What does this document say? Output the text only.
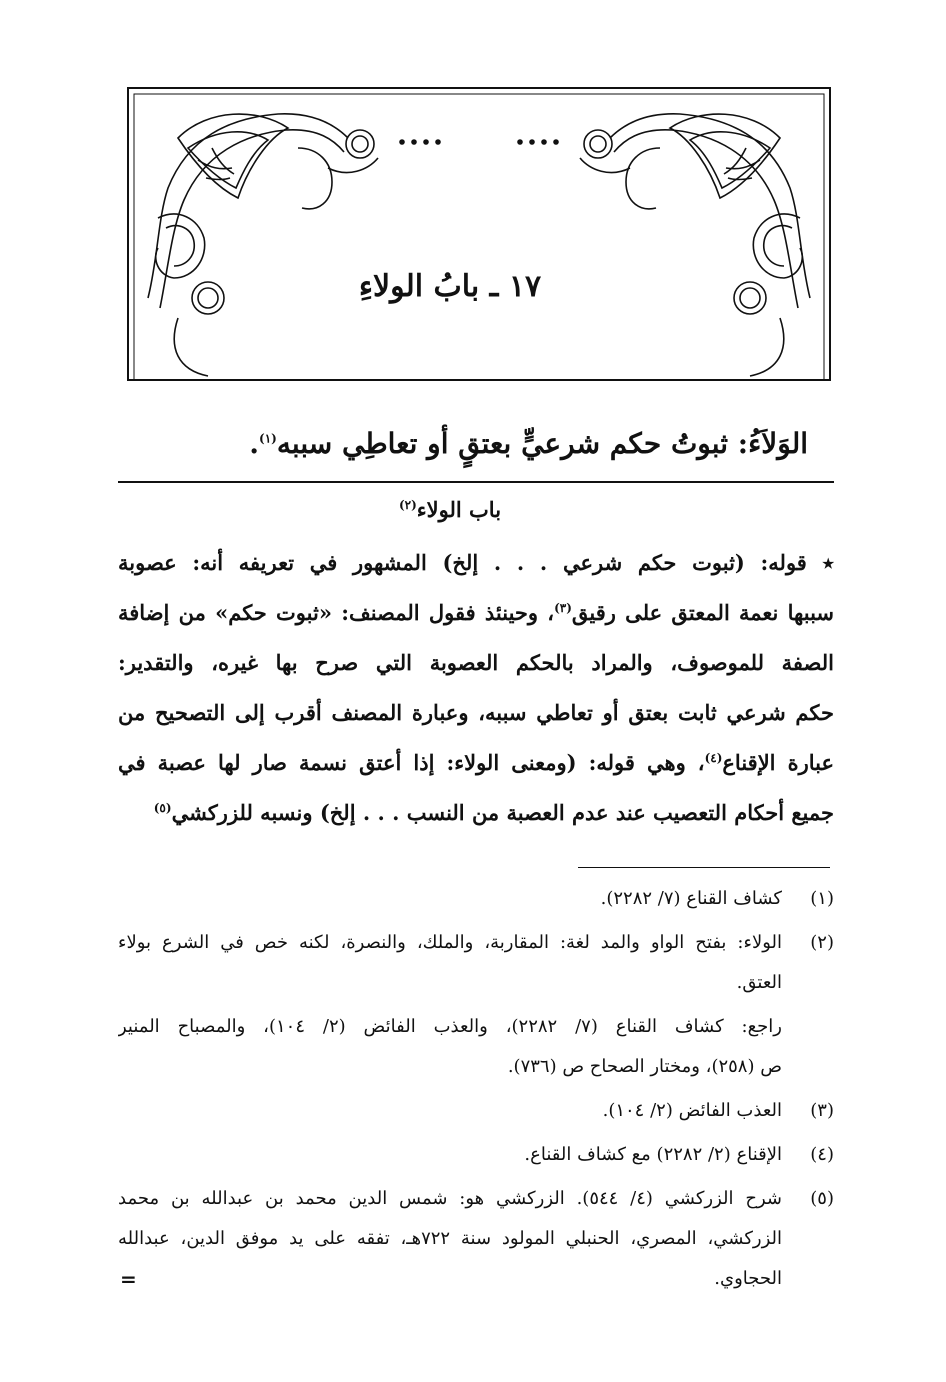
١٧ ـ بابُ الولاءِ
الوَلاَءُ: ثبوتُ حكم شرعيٍّ بعتقٍ أو تعاطِي سببه$^{(١)}$.
باب الولاء$^{(٢)}$
٭ قوله: (ثبوت حكم شرعي . . . إلخ) المشهور في تعريفه أنه: عصوبة
سببها نعمة المعتق على رقيق$^{(٣)}$، وحينئذ فقول المصنف: «ثبوت حكم» من إضافة
الصفة للموصوف، والمراد بالحكم العصوبة التي صرح بها غيره، والتقدير:
حكم شرعي ثابت بعتق أو تعاطي سببه، وعبارة المصنف أقرب إلى التصحيح من
عبارة الإقناع$^{(٤)}$، وهي قوله: (ومعنى الولاء: إذا أعتق نسمة صار لها عصبة في
جميع أحكام التعصيب عند عدم العصبة من النسب . . . إلخ) ونسبه للزركشي$^{(٥)}$
(١)
كشاف القناع (٧/ ٢٢٨٢).
(٢)
الولاء: بفتح الواو والمد لغة: المقاربة، والملك، والنصرة، لكنه خص في الشرع بولاء
العتق.
راجع: كشاف القناع (٧/ ٢٢٨٢)، والعذب الفائض (٢/ ١٠٤)، والمصباح المنير
ص (٢٥٨)، ومختار الصحاح ص (٧٣٦).
(٣)
العذب الفائض (٢/ ١٠٤).
(٤)
الإقناع (٢/ ٢٢٨٢) مع كشاف القناع.
(٥)
شرح الزركشي (٤/ ٥٤٤). الزركشي هو: شمس الدين محمد بن عبدالله بن محمد
الزركشي، المصري، الحنبلي المولود سنة ٧٢٢هـ، تفقه على يد موفق الدين، عبدالله
الحجاوي.
=
